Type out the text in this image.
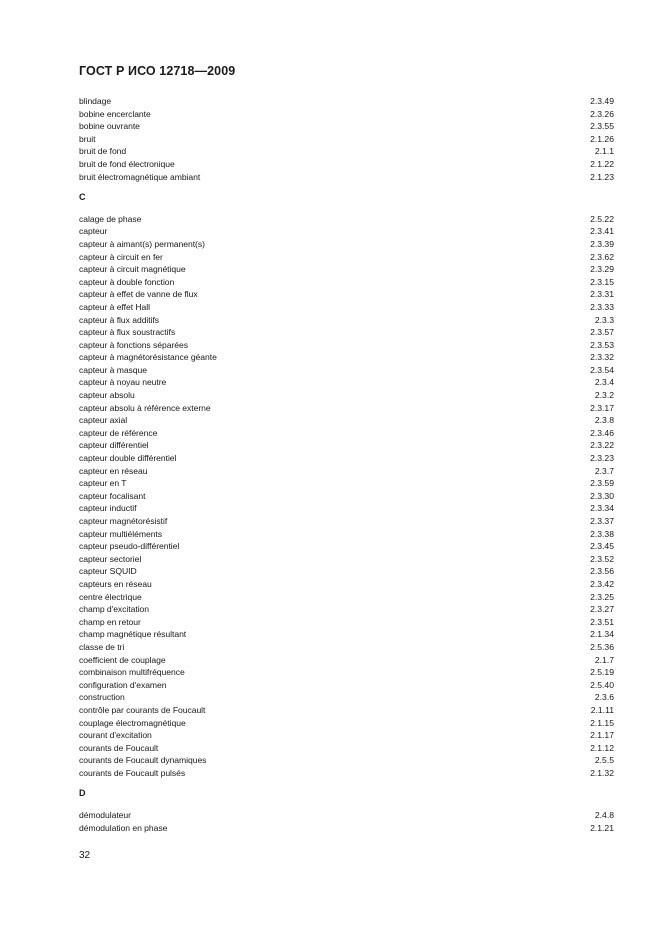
ГОСТ Р ИСО 12718—2009
blindage	2.3.49
bobine encerclante	2.3.26
bobine ouvrante	2.3.55
bruit	2.1.26
bruit de fond	2.1.1
bruit de fond électronique	2.1.22
bruit électromagnétique ambiant	2.1.23
C
calage de phase	2.5.22
capteur	2.3.41
capteur à aimant(s) permanent(s)	2.3.39
capteur à circuit en fer	2.3.62
capteur à circuit magnétique	2.3.29
capteur à double fonction	2.3.15
capteur à effet de vanne de flux	2.3.31
capteur à effet Hall	2.3.33
capteur à flux additifs	2.3.3
capteur à flux soustractifs	2.3.57
capteur à fonctions séparées	2.3.53
capteur à magnétorésistance géante	2.3.32
capteur à masque	2.3.54
capteur à noyau neutre	2.3.4
capteur absolu	2.3.2
capteur absolu à référence externe	2.3.17
capteur axial	2.3.8
capteur de référence	2.3.46
capteur différentiel	2.3.22
capteur double différentiel	2.3.23
capteur en réseau	2.3.7
capteur en T	2.3.59
capteur focalisant	2.3.30
capteur inductif	2.3.34
capteur magnétorésistif	2.3.37
capteur multiéléments	2.3.38
capteur pseudo-différentiel	2.3.45
capteur sectoriel	2.3.52
capteur SQUID	2.3.56
capteurs en réseau	2.3.42
centre électrique	2.3.25
champ d'excitation	2.3.27
champ en retour	2.3.51
champ magnétique résultant	2.1.34
classe de tri	2.5.36
coefficient de couplage	2.1.7
combinaison multifréquence	2.5.19
configuration d'examen	2.5.40
construction	2.3.6
contrôle par courants de Foucault	2.1.11
couplage électromagnétique	2.1.15
courant d'excitation	2.1.17
courants de Foucault	2.1.12
courants de Foucault dynamiques	2.5.5
courants de Foucault pulsés	2.1.32
D
démodulateur	2.4.8
démodulation en phase	2.1.21
32
